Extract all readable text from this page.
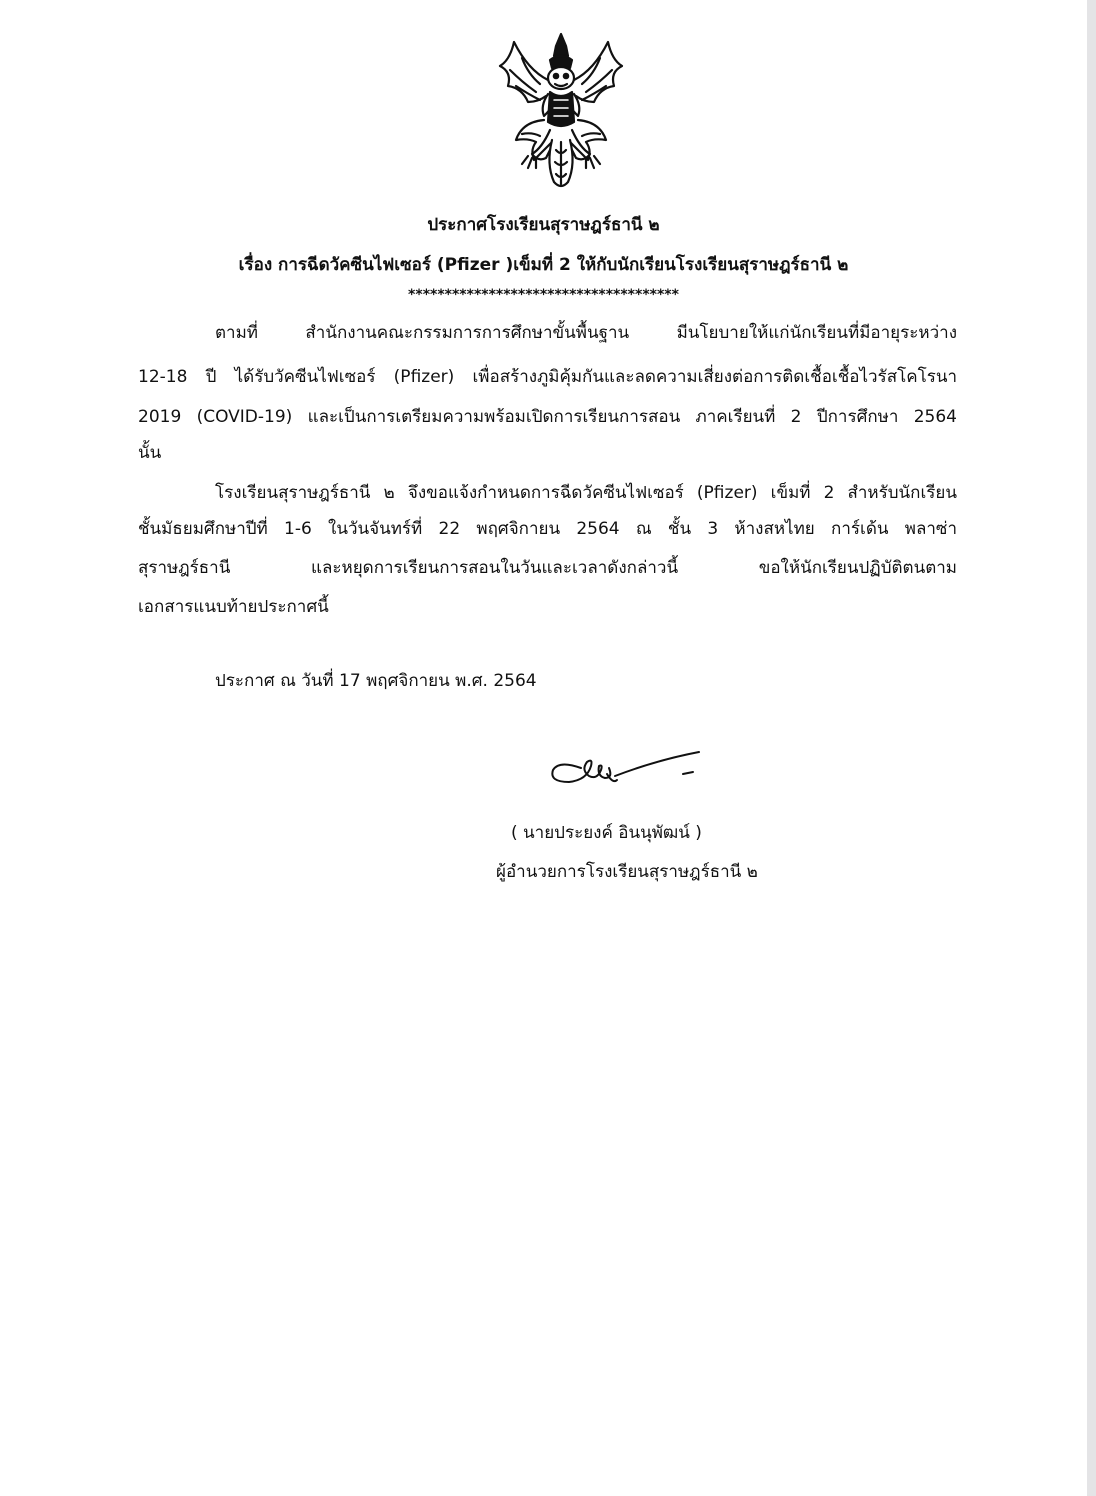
ประกาศโรงเรียนสุราษฎร์ธานี ๒
เรื่อง การฉีดวัคซีนไฟเซอร์ (Pfizer )เข็มที่ 2 ให้กับนักเรียนโรงเรียนสุราษฎร์ธานี ๒
*************************************
ตามที่ สำนักงานคณะกรรมการการศึกษาขั้นพื้นฐาน มีนโยบายให้แก่นักเรียนที่มีอายุระหว่าง
12-18 ปี ได้รับวัคซีนไฟเซอร์ (Pfizer) เพื่อสร้างภูมิคุ้มกันและลดความเสี่ยงต่อการติดเชื้อเชื้อไวรัสโคโรนา
2019 (COVID-19) และเป็นการเตรียมความพร้อมเปิดการเรียนการสอน ภาคเรียนที่ 2 ปีการศึกษา 2564
นั้น
โรงเรียนสุราษฎร์ธานี ๒ จึงขอแจ้งกำหนดการฉีดวัคซีนไฟเซอร์ (Pfizer) เข็มที่ 2 สำหรับนักเรียน
ชั้นมัธยมศึกษาปีที่ 1-6 ในวันจันทร์ที่ 22 พฤศจิกายน 2564 ณ ชั้น 3 ห้างสหไทย การ์เด้น พลาซ่า
สุราษฎร์ธานี และหยุดการเรียนการสอนในวันและเวลาดังกล่าวนี้ ขอให้นักเรียนปฏิบัติตนตาม
เอกสารแนบท้ายประกาศนี้
ประกาศ ณ วันที่ 17 พฤศจิกายน พ.ศ. 2564
( นายประยงค์ อินนุพัฒน์ )
ผู้อำนวยการโรงเรียนสุราษฎร์ธานี ๒
